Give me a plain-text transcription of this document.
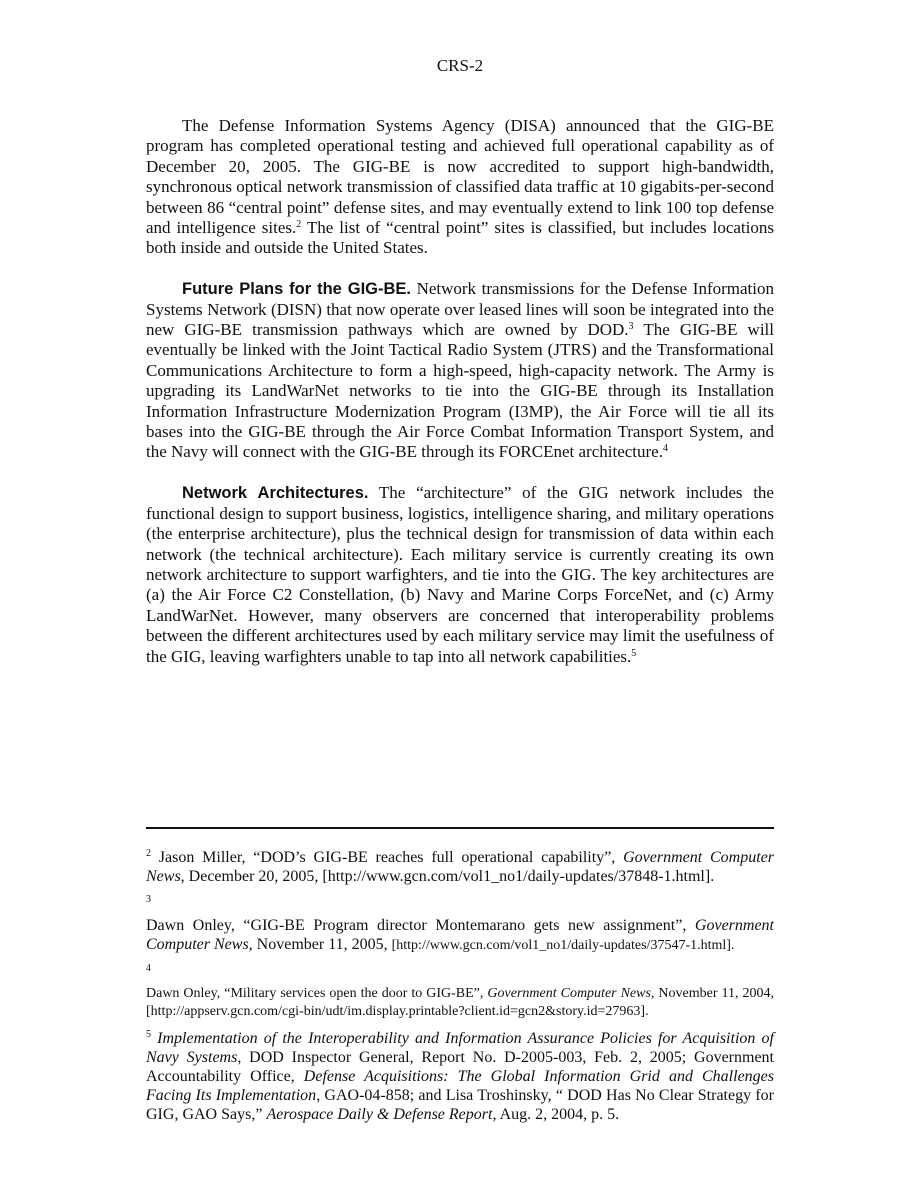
CRS-2

The Defense Information Systems Agency (DISA) announced that the GIG-BE program has completed operational testing and achieved full operational capability as of December 20, 2005. The GIG-BE is now accredited to support high-bandwidth, synchronous optical network transmission of classified data traffic at 10 gigabits-per-second between 86 “central point” defense sites, and may eventually extend to link 100 top defense and intelligence sites.$^2$ The list of “central point” sites is classified, but includes locations both inside and outside the United States.

Future Plans for the GIG-BE. Network transmissions for the Defense Information Systems Network (DISN) that now operate over leased lines will soon be integrated into the new GIG-BE transmission pathways which are owned by DOD.$^3$ The GIG-BE will eventually be linked with the Joint Tactical Radio System (JTRS) and the Transformational Communications Architecture to form a high-speed, high-capacity network. The Army is upgrading its LandWarNet networks to tie into the GIG-BE through its Installation Information Infrastructure Modernization Program (I3MP), the Air Force will tie all its bases into the GIG-BE through the Air Force Combat Information Transport System, and the Navy will connect with the GIG-BE through its FORCEnet architecture.$^4$

Network Architectures. The “architecture” of the GIG network includes the functional design to support business, logistics, intelligence sharing, and military operations (the enterprise architecture), plus the technical design for transmission of data within each network (the technical architecture). Each military service is currently creating its own network architecture to support warfighters, and tie into the GIG. The key architectures are (a) the Air Force C2 Constellation, (b) Navy and Marine Corps ForceNet, and (c) Army LandWarNet. However, many observers are concerned that interoperability problems between the different architectures used by each military service may limit the usefulness of the GIG, leaving warfighters unable to tap into all network capabilities.$^5$

$^2$ Jason Miller, “DOD’s GIG-BE reaches full operational capability”, Government Computer News, December 20, 2005, [http://www.gcn.com/vol1_no1/daily-updates/37848-1.html].

3
Dawn Onley, “GIG-BE Program director Montemarano gets new assignment”, Government Computer News, November 11, 2005, [http://www.gcn.com/vol1_no1/daily-updates/37547-1.html].
4
Dawn Onley, “Military services open the door to GIG-BE”, Government Computer News, November 11, 2004, [http://appserv.gcn.com/cgi-bin/udt/im.display.printable?client.id=gcn2&story.id=27963].

$^5$ Implementation of the Interoperability and Information Assurance Policies for Acquisition of Navy Systems, DOD Inspector General, Report No. D-2005-003, Feb. 2, 2005; Government Accountability Office, Defense Acquisitions: The Global Information Grid and Challenges Facing Its Implementation, GAO-04-858; and Lisa Troshinsky, “ DOD Has No Clear Strategy for GIG, GAO Says,” Aerospace Daily & Defense Report, Aug. 2, 2004, p. 5.
